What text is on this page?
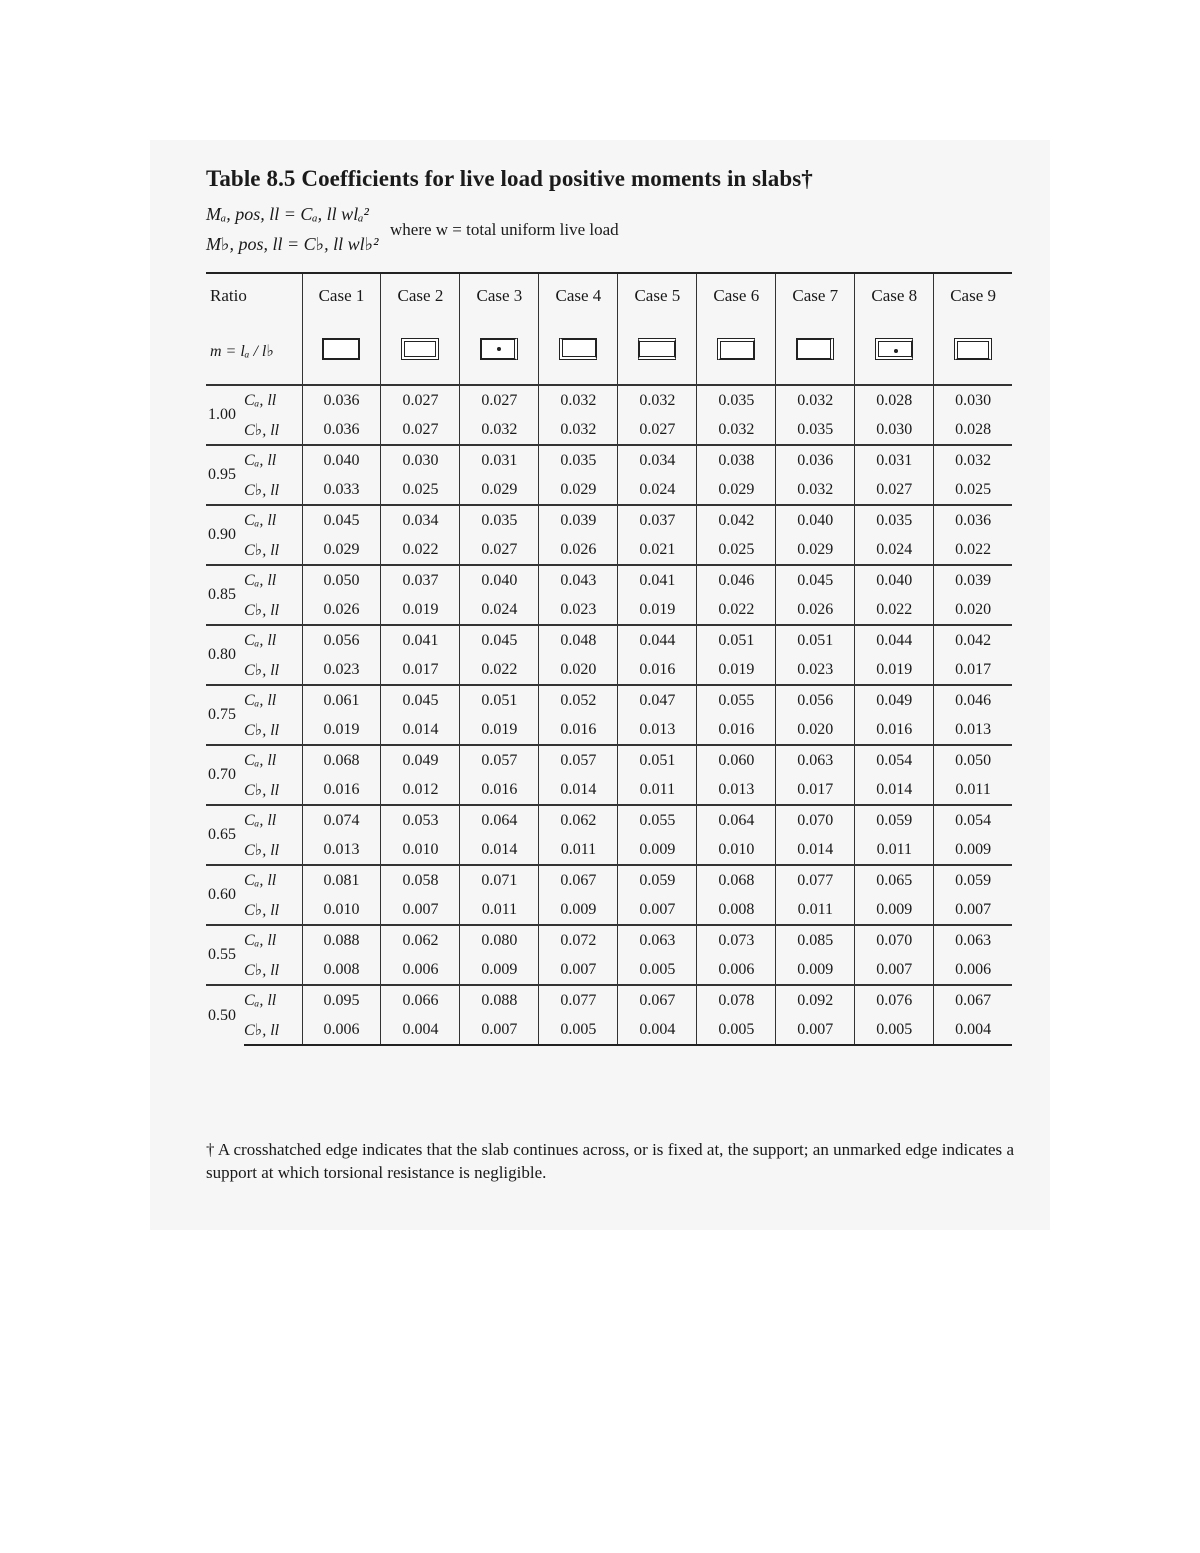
Table 8.5 Coefficients for live load positive moments in slabs†
Mₐ, pos, ll = Cₐ, ll wlₐ²
M♭, pos, ll = C♭, ll wl♭²
where w = total uniform live load

Ratio		Case 1	Case 2	Case 3	Case 4	Case 5	Case 6	Case 7	Case 8	Case 9
m = lₐ / l♭				

1.00	Cₐ, ll	0.036	0.027	0.027	0.032	0.032	0.035	0.032	0.028	0.030
	C♭, ll	0.036	0.027	0.032	0.032	0.027	0.032	0.035	0.030	0.028
0.95	Cₐ, ll	0.040	0.030	0.031	0.035	0.034	0.038	0.036	0.031	0.032
	C♭, ll	0.033	0.025	0.029	0.029	0.024	0.029	0.032	0.027	0.025
0.90	Cₐ, ll	0.045	0.034	0.035	0.039	0.037	0.042	0.040	0.035	0.036
	C♭, ll	0.029	0.022	0.027	0.026	0.021	0.025	0.029	0.024	0.022
0.85	Cₐ, ll	0.050	0.037	0.040	0.043	0.041	0.046	0.045	0.040	0.039
	C♭, ll	0.026	0.019	0.024	0.023	0.019	0.022	0.026	0.022	0.020
0.80	Cₐ, ll	0.056	0.041	0.045	0.048	0.044	0.051	0.051	0.044	0.042
	C♭, ll	0.023	0.017	0.022	0.020	0.016	0.019	0.023	0.019	0.017
0.75	Cₐ, ll	0.061	0.045	0.051	0.052	0.047	0.055	0.056	0.049	0.046
	C♭, ll	0.019	0.014	0.019	0.016	0.013	0.016	0.020	0.016	0.013
0.70	Cₐ, ll	0.068	0.049	0.057	0.057	0.051	0.060	0.063	0.054	0.050
	C♭, ll	0.016	0.012	0.016	0.014	0.011	0.013	0.017	0.014	0.011
0.65	Cₐ, ll	0.074	0.053	0.064	0.062	0.055	0.064	0.070	0.059	0.054
	C♭, ll	0.013	0.010	0.014	0.011	0.009	0.010	0.014	0.011	0.009
0.60	Cₐ, ll	0.081	0.058	0.071	0.067	0.059	0.068	0.077	0.065	0.059
	C♭, ll	0.010	0.007	0.011	0.009	0.007	0.008	0.011	0.009	0.007
0.55	Cₐ, ll	0.088	0.062	0.080	0.072	0.063	0.073	0.085	0.070	0.063
	C♭, ll	0.008	0.006	0.009	0.007	0.005	0.006	0.009	0.007	0.006
0.50	Cₐ, ll	0.095	0.066	0.088	0.077	0.067	0.078	0.092	0.076	0.067
	C♭, ll	0.006	0.004	0.007	0.005	0.004	0.005	0.007	0.005	0.004
† A crosshatched edge indicates that the slab continues across, or is fixed at, the support; an unmarked edge indicates a support at which torsional resistance is negligible.
